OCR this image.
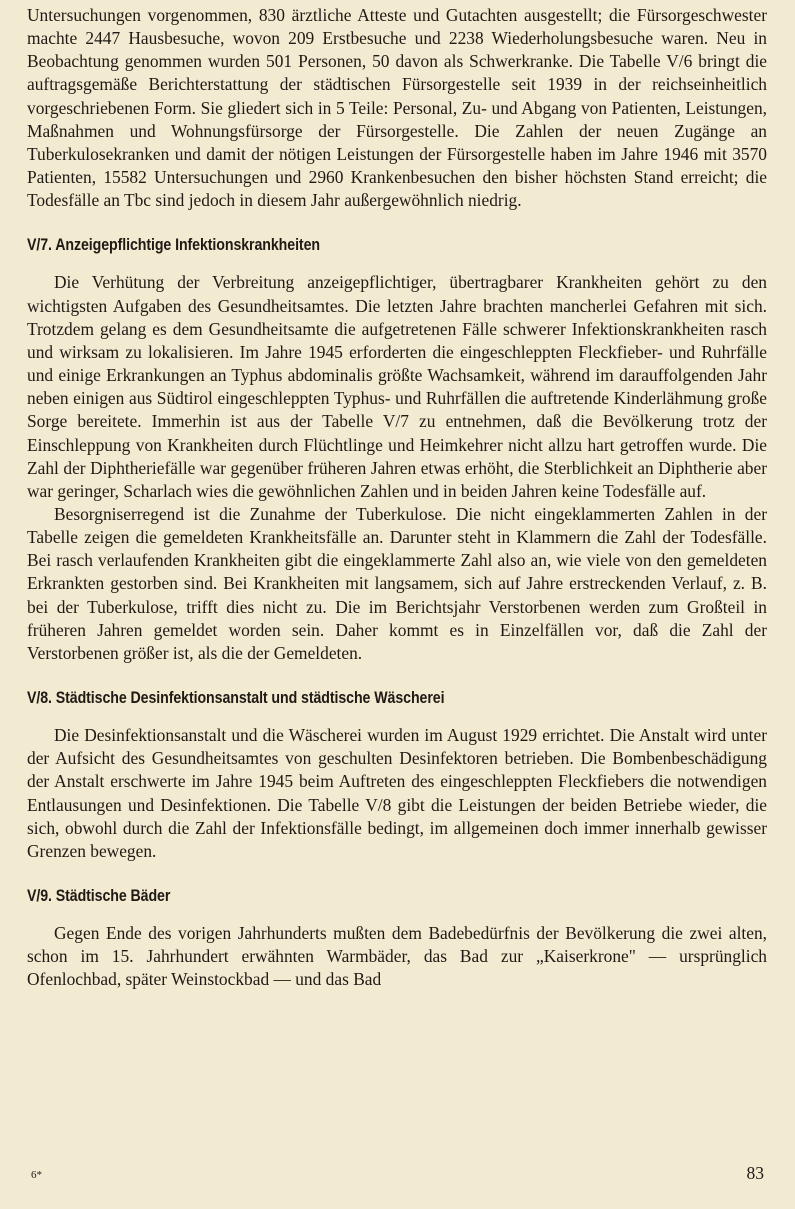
Untersuchungen vorgenommen, 830 ärztliche Atteste und Gutachten ausgestellt; die Fürsorgeschwester machte 2447 Hausbesuche, wovon 209 Erstbesuche und 2238 Wiederholungsbesuche waren. Neu in Beobachtung genommen wurden 501 Personen, 50 davon als Schwerkranke. Die Tabelle V/6 bringt die auftragsgemäße Berichterstattung der städtischen Fürsorgestelle seit 1939 in der reichseinheitlich vorgeschriebenen Form. Sie gliedert sich in 5 Teile: Personal, Zu- und Abgang von Patienten, Leistungen, Maßnahmen und Wohnungsfürsorge der Fürsorgestelle. Die Zahlen der neuen Zugänge an Tuberkulosekranken und damit der nötigen Leistungen der Fürsorgestelle haben im Jahre 1946 mit 3570 Patienten, 15582 Untersuchungen und 2960 Krankenbesuchen den bisher höchsten Stand erreicht; die Todesfälle an Tbc sind jedoch in diesem Jahr außergewöhnlich niedrig.

V/7. Anzeigepflichtige Infektionskrankheiten

Die Verhütung der Verbreitung anzeigepflichtiger, übertragbarer Krankheiten gehört zu den wichtigsten Aufgaben des Gesundheitsamtes. Die letzten Jahre brachten mancherlei Gefahren mit sich. Trotzdem gelang es dem Gesundheitsamte die aufgetretenen Fälle schwerer Infektionskrankheiten rasch und wirksam zu lokalisieren. Im Jahre 1945 erforderten die eingeschleppten Fleckfieber- und Ruhrfälle und einige Erkrankungen an Typhus abdominalis größte Wachsamkeit, während im darauffolgenden Jahr neben einigen aus Südtirol eingeschleppten Typhus- und Ruhrfällen die auftretende Kinderlähmung große Sorge bereitete. Immerhin ist aus der Tabelle V/7 zu entnehmen, daß die Bevölkerung trotz der Einschleppung von Krankheiten durch Flüchtlinge und Heimkehrer nicht allzu hart getroffen wurde. Die Zahl der Diphtheriefälle war gegenüber früheren Jahren etwas erhöht, die Sterblichkeit an Diphtherie aber war geringer, Scharlach wies die gewöhnlichen Zahlen und in beiden Jahren keine Todesfälle auf.

Besorgniserregend ist die Zunahme der Tuberkulose. Die nicht eingeklammerten Zahlen in der Tabelle zeigen die gemeldeten Krankheitsfälle an. Darunter steht in Klammern die Zahl der Todesfälle. Bei rasch verlaufenden Krankheiten gibt die eingeklammerte Zahl also an, wie viele von den gemeldeten Erkrankten gestorben sind. Bei Krankheiten mit langsamem, sich auf Jahre erstreckenden Verlauf, z. B. bei der Tuberkulose, trifft dies nicht zu. Die im Berichtsjahr Verstorbenen werden zum Großteil in früheren Jahren gemeldet worden sein. Daher kommt es in Einzelfällen vor, daß die Zahl der Verstorbenen größer ist, als die der Gemeldeten.

V/8. Städtische Desinfektionsanstalt und städtische Wäscherei

Die Desinfektionsanstalt und die Wäscherei wurden im August 1929 errichtet. Die Anstalt wird unter der Aufsicht des Gesundheitsamtes von geschulten Desinfektoren betrieben. Die Bombenbeschädigung der Anstalt erschwerte im Jahre 1945 beim Auftreten des eingeschleppten Fleckfiebers die notwendigen Entlausungen und Desinfektionen. Die Tabelle V/8 gibt die Leistungen der beiden Betriebe wieder, die sich, obwohl durch die Zahl der Infektionsfälle bedingt, im allgemeinen doch immer innerhalb gewisser Grenzen bewegen.

V/9. Städtische Bäder

Gegen Ende des vorigen Jahrhunderts mußten dem Badebedürfnis der Bevölkerung die zwei alten, schon im 15. Jahrhundert erwähnten Warmbäder, das Bad zur „Kaiserkrone" — ursprünglich Ofenlochbad, später Weinstockbad — und das Bad

6*	83
